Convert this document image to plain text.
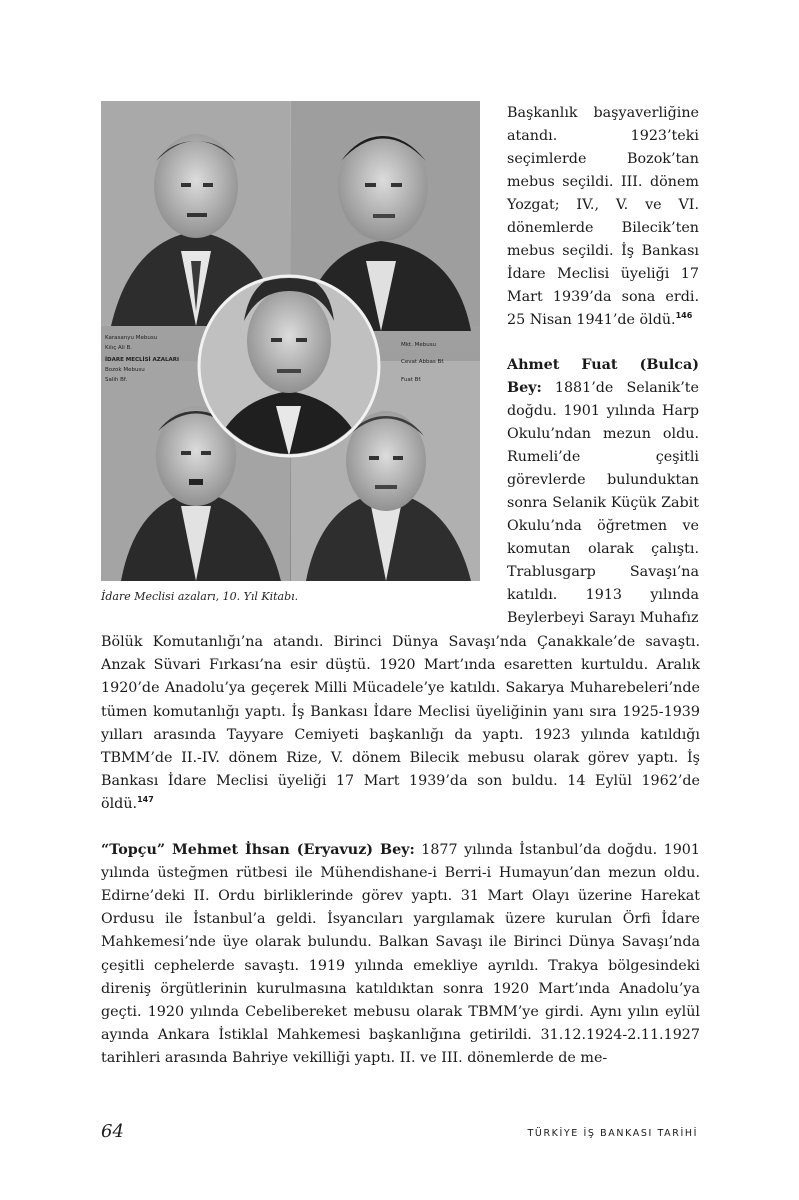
Karasanyu Mebusu
Kılıç Ali B.
İDARE MECLİSİ AZALARI
Bozok Mebusu
Salih Bf.
Mkt. Mebusu
Cevat Abbas Bf.
Fuat Bf.
İdare Meclisi azaları, 10. Yıl Kitabı.

Başkanlık başyaverliğine atandı. 1923’teki seçimlerde Bozok’tan mebus seçildi. III. dönem Yozgat; IV., V. ve VI. dönemlerde Bilecik’ten mebus seçildi. İş Bankası İdare Meclisi üyeliği 17 Mart 1939’da sona erdi. 25 Nisan 1941’de öldü.$^{146}$

Ahmet Fuat (Bulca) Bey: 1881’de Selanik’te doğdu. 1901 yılında Harp Okulu’ndan mezun oldu. Rumeli’de çeşitli görevlerde bulunduktan sonra Selanik Küçük Zabit Okulu’nda öğretmen ve komutan olarak çalıştı. Trablusgarp Savaşı’na katıldı. 1913 yılında Beylerbeyi Sarayı Muhafız

Bölük Komutanlığı’na atandı. Birinci Dünya Savaşı’nda Çanakkale’de savaştı. Anzak Süvari Fırkası’na esir düştü. 1920 Mart’ında esaretten kurtuldu. Aralık 1920’de Anadolu’ya geçerek Milli Mücadele’ye katıldı. Sakarya Muharebeleri’nde tümen komutanlığı yaptı. İş Bankası İdare Meclisi üyeliğinin yanı sıra 1925-1939 yılları arasında Tayyare Cemiyeti başkanlığı da yaptı. 1923 yılında katıldığı TBMM’de II.-IV. dönem Rize, V. dönem Bilecik mebusu olarak görev yaptı. İş Bankası İdare Meclisi üyeliği 17 Mart 1939’da son buldu. 14 Eylül 1962’de öldü.$^{147}$

“Topçu” Mehmet İhsan (Eryavuz) Bey: 1877 yılında İstanbul’da doğdu. 1901 yılında üsteğmen rütbesi ile Mühendishane-i Berri-i Humayun’dan mezun oldu. Edirne’deki II. Ordu birliklerinde görev yaptı. 31 Mart Olayı üzerine Harekat Ordusu ile İstanbul’a geldi. İsyancıları yargılamak üzere kurulan Örfi İdare Mahkemesi’nde üye olarak bulundu. Balkan Savaşı ile Birinci Dünya Savaşı’nda çeşitli cephelerde savaştı. 1919 yılında emekliye ayrıldı. Trakya bölgesindeki direniş örgütlerinin kurulmasına katıldıktan sonra 1920 Mart’ında Anadolu’ya geçti. 1920 yılında Cebelibereket mebusu olarak TBMM’ye girdi. Aynı yılın eylül ayında Ankara İstiklal Mahkemesi başkanlığına getirildi. 31.12.1924-2.11.1927 tarihleri arasında Bahriye vekilliği yaptı. II. ve III. dönemlerde de me-

64	TÜRKİYE İŞ BANKASI TARİHİ
